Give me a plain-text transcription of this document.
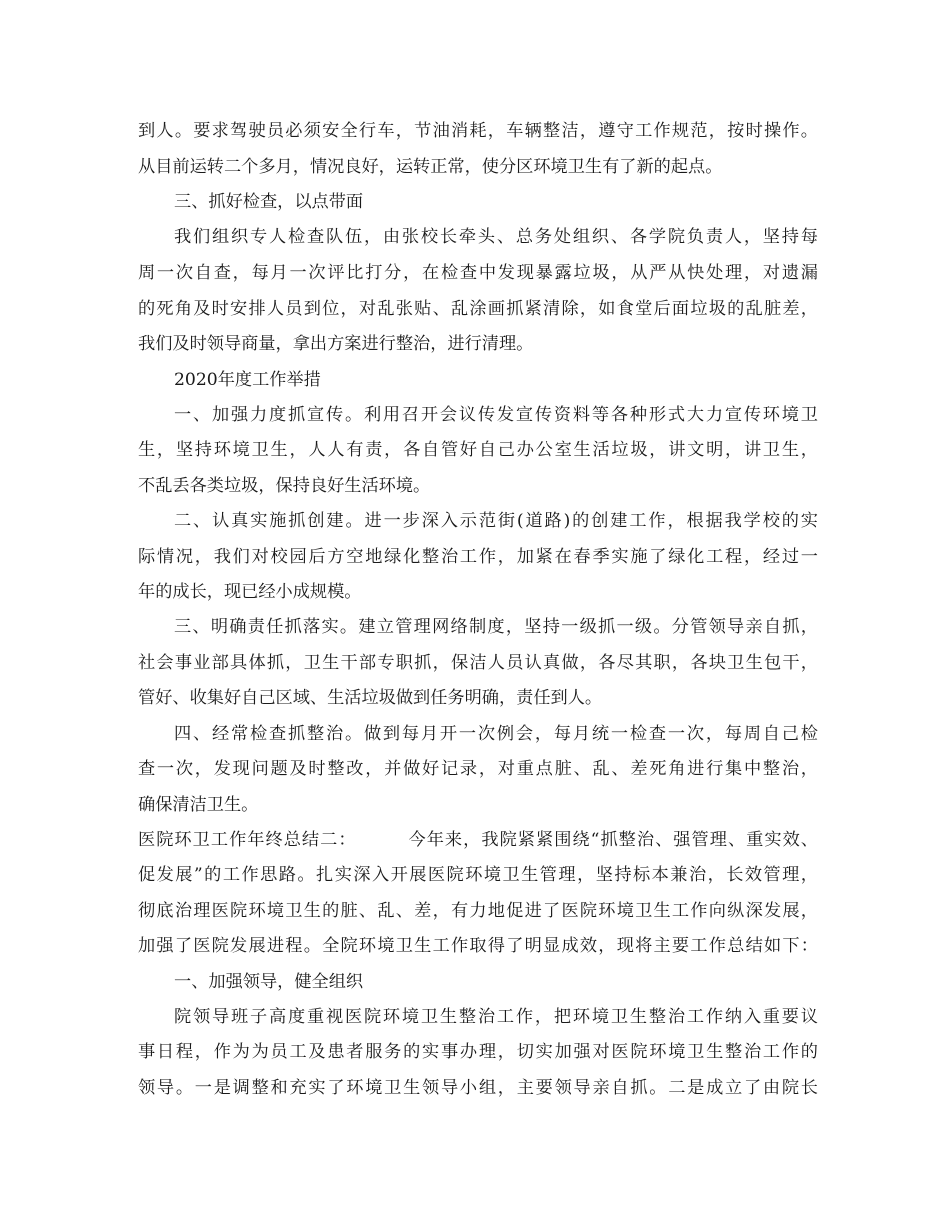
到人。要求驾驶员必须安全行车，节油消耗，车辆整洁，遵守工作规范，按时操作。

从目前运转二个多月，情况良好，运转正常，使分区环境卫生有了新的起点。

三、抓好检查，以点带面

我们组织专人检查队伍，由张校长牵头、总务处组织、各学院负责人，坚持每

周一次自查，每月一次评比打分，在检查中发现暴露垃圾，从严从快处理，对遗漏

的死角及时安排人员到位，对乱张贴、乱涂画抓紧清除，如食堂后面垃圾的乱脏差，

我们及时领导商量，拿出方案进行整治，进行清理。

2020年度工作举措

一、加强力度抓宣传。利用召开会议传发宣传资料等各种形式大力宣传环境卫

生，坚持环境卫生，人人有责，各自管好自己办公室生活垃圾，讲文明，讲卫生，

不乱丢各类垃圾，保持良好生活环境。

二、认真实施抓创建。进一步深入示范街(道路)的创建工作，根据我学校的实

际情况，我们对校园后方空地绿化整治工作，加紧在春季实施了绿化工程，经过一

年的成长，现已经小成规模。

三、明确责任抓落实。建立管理网络制度，坚持一级抓一级。分管领导亲自抓，

社会事业部具体抓，卫生干部专职抓，保洁人员认真做，各尽其职，各块卫生包干，

管好、收集好自己区域、生活垃圾做到任务明确，责任到人。

四、经常检查抓整治。做到每月开一次例会，每月统一检查一次，每周自己检

查一次，发现问题及时整改，并做好记录，对重点脏、乱、差死角进行集中整治，

确保清洁卫生。

医院环卫工作年终总结二：        今年来，我院紧紧围绕“抓整治、强管理、重实效、

促发展”的工作思路。扎实深入开展医院环境卫生管理，坚持标本兼治，长效管理，

彻底治理医院环境卫生的脏、乱、差，有力地促进了医院环境卫生工作向纵深发展，

加强了医院发展进程。全院环境卫生工作取得了明显成效，现将主要工作总结如下：

一、加强领导，健全组织

院领导班子高度重视医院环境卫生整治工作，把环境卫生整治工作纳入重要议

事日程，作为为员工及患者服务的实事办理，切实加强对医院环境卫生整治工作的

领导。一是调整和充实了环境卫生领导小组，主要领导亲自抓。二是成立了由院长
